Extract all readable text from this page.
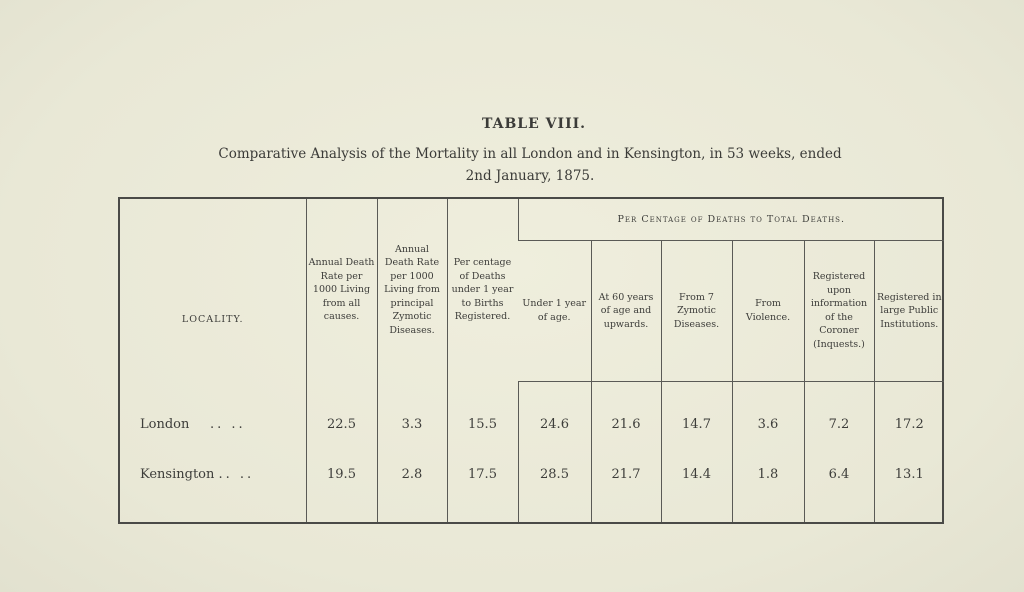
TABLE VIII.
Comparative Analysis of the Mortality in all London and in Kensington, in 53 weeks, ended
2nd January, 1875.
LOCALITY.	Annual Death Rate per 1000 Living from all causes.	Annual Death Rate per 1000 Living from principal Zymotic Diseases.	Per centage of Deaths under 1 year to Births Registered.	Per Centage of Deaths to Total Deaths.					
				Under 1 year of age.	At 60 years of age and upwards.	From 7 Zymotic Diseases.	From Violence.	Registered upon information of the Coroner (Inquests.)	Registered in large Public Institutions.

London .. ..	22.5	3.3	15.5	24.6	21.6	14.7	3.6	7.2	17.2
Kensington .. ..	19.5	2.8	17.5	28.5	21.7	14.4	1.8	6.4	13.1
